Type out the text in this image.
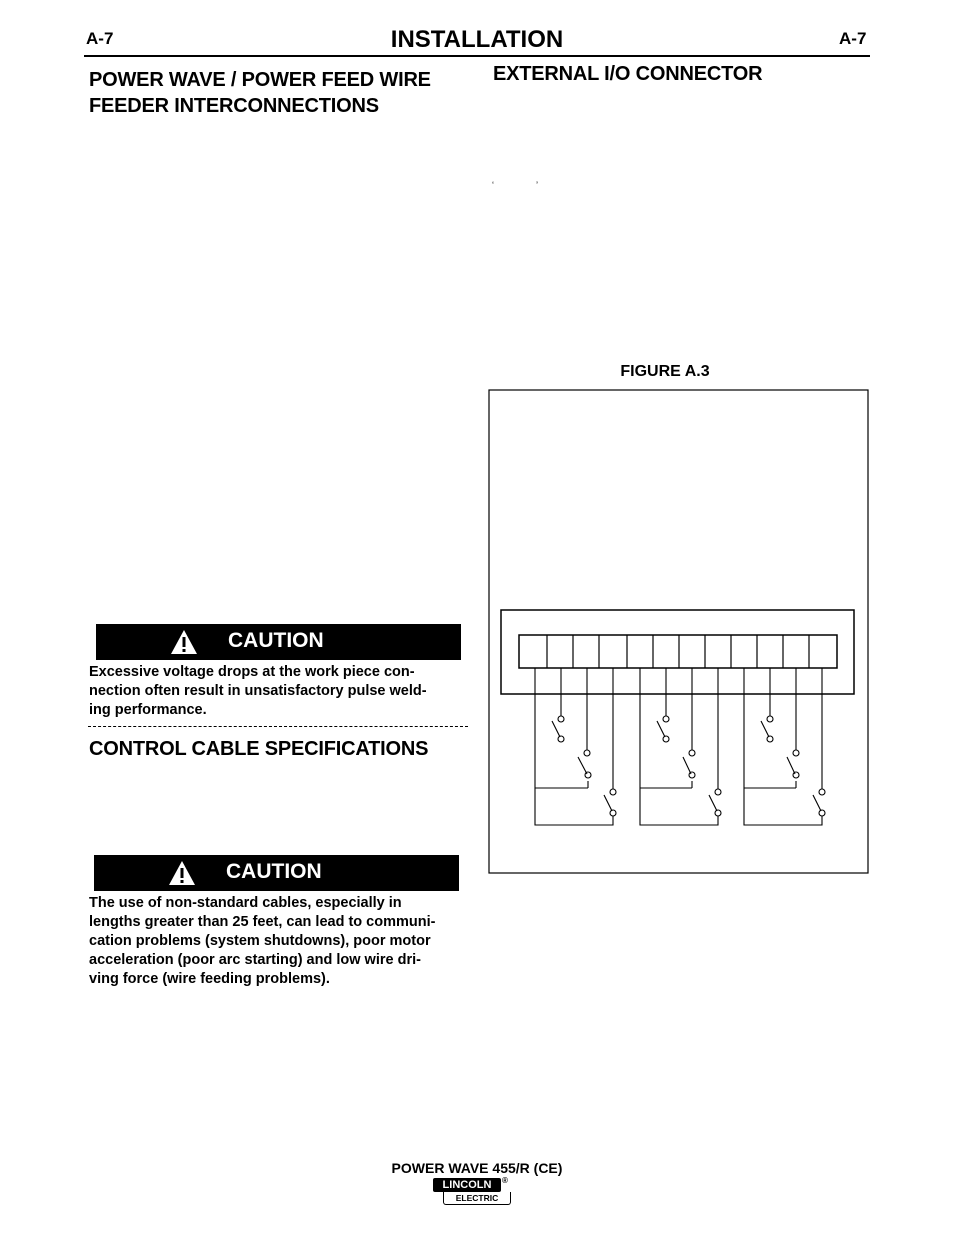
A-7	INSTALLATION	A-7
POWER WAVE / POWER FEED WIRE
FEEDER INTERCONNECTIONS
CAUTION
Excessive voltage drops at the work piece con-
nection often result in unsatisfactory pulse weld-
ing performance.
CONTROL CABLE SPECIFICATIONS
CAUTION
The use of non-standard cables, especially in
lengths greater than 25 feet, can lead to communi-
cation problems (system shutdowns), poor motor
acceleration (poor arc starting) and low wire dri-
ving force (wire feeding problems).
EXTERNAL I/O CONNECTOR
‘	’
FIGURE A.3
POWER WAVE 455/R (CE)
LINCOLN
ELECTRIC
®
